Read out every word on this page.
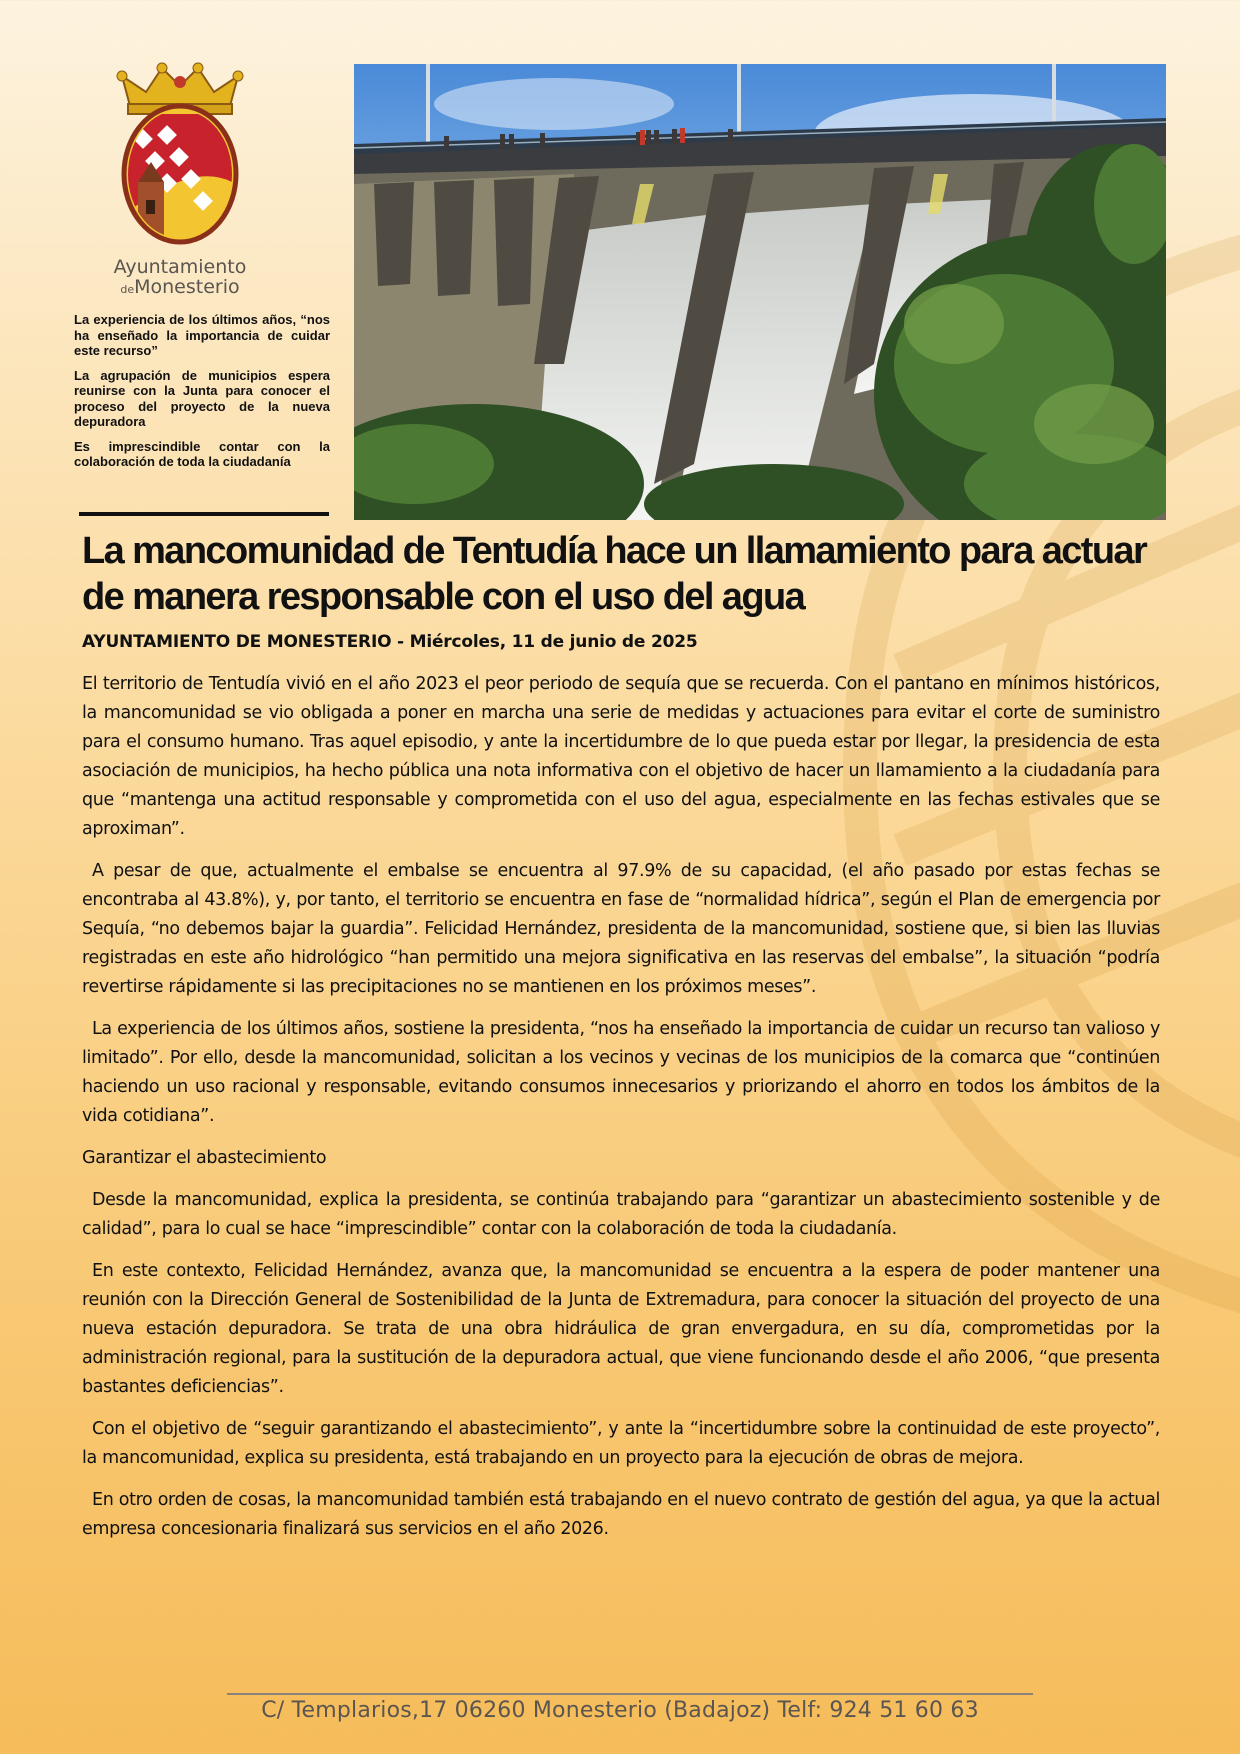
Ayuntamiento
deMonesterio

La experiencia de los últimos años, “nos ha enseñado la importancia de cuidar este recurso”

La agrupación de municipios espera reunirse con la Junta para conocer el proceso del proyecto de la nueva depuradora

Es imprescindible contar con la colaboración de toda la ciudadanía

La mancomunidad de Tentudía hace un llamamiento para actuar de manera responsable con el uso del agua
AYUNTAMIENTO DE MONESTERIO - Miércoles, 11 de junio de 2025

El territorio de Tentudía vivió en el año 2023 el peor periodo de sequía que se recuerda. Con el pantano en mínimos históricos, la mancomunidad se vio obligada a poner en marcha una serie de medidas y actuaciones para evitar el corte de suministro para el consumo humano. Tras aquel episodio, y ante la incertidumbre de lo que pueda estar por llegar, la presidencia de esta asociación de municipios, ha hecho pública una nota informativa con el objetivo de hacer un llamamiento a la ciudadanía para que “mantenga una actitud responsable y comprometida con el uso del agua, especialmente en las fechas estivales que se aproximan”.

A pesar de que, actualmente el embalse se encuentra al 97.9% de su capacidad, (el año pasado por estas fechas se encontraba al 43.8%), y, por tanto, el territorio se encuentra en fase de “normalidad hídrica”, según el Plan de emergencia por Sequía, “no debemos bajar la guardia”. Felicidad Hernández, presidenta de la mancomunidad, sostiene que, si bien las lluvias registradas en este año hidrológico “han permitido una mejora significativa en las reservas del embalse”, la situación “podría revertirse rápidamente si las precipitaciones no se mantienen en los próximos meses”.

La experiencia de los últimos años, sostiene la presidenta, “nos ha enseñado la importancia de cuidar un recurso tan valioso y limitado”. Por ello, desde la mancomunidad, solicitan a los vecinos y vecinas de los municipios de la comarca que “continúen haciendo un uso racional y responsable, evitando consumos innecesarios y priorizando el ahorro en todos los ámbitos de la vida cotidiana”.

Garantizar el abastecimiento

Desde la mancomunidad, explica la presidenta, se continúa trabajando para “garantizar un abastecimiento sostenible y de calidad”, para lo cual se hace “imprescindible” contar con la colaboración de toda la ciudadanía.

En este contexto, Felicidad Hernández, avanza que, la mancomunidad se encuentra a la espera de poder mantener una reunión con la Dirección General de Sostenibilidad de la Junta de Extremadura, para conocer la situación del proyecto de una nueva estación depuradora. Se trata de una obra hidráulica de gran envergadura, en su día, comprometidas por la administración regional, para la sustitución de la depuradora actual, que viene funcionando desde el año 2006, “que presenta bastantes deficiencias”.

Con el objetivo de “seguir garantizando el abastecimiento”, y ante la “incertidumbre sobre la continuidad de este proyecto”, la mancomunidad, explica su presidenta, está trabajando en un proyecto para la ejecución de obras de mejora.

En otro orden de cosas, la mancomunidad también está trabajando en el nuevo contrato de gestión del agua, ya que la actual empresa concesionaria finalizará sus servicios en el año 2026.

C/ Templarios,17 06260 Monesterio (Badajoz) Telf: 924 51 60 63
